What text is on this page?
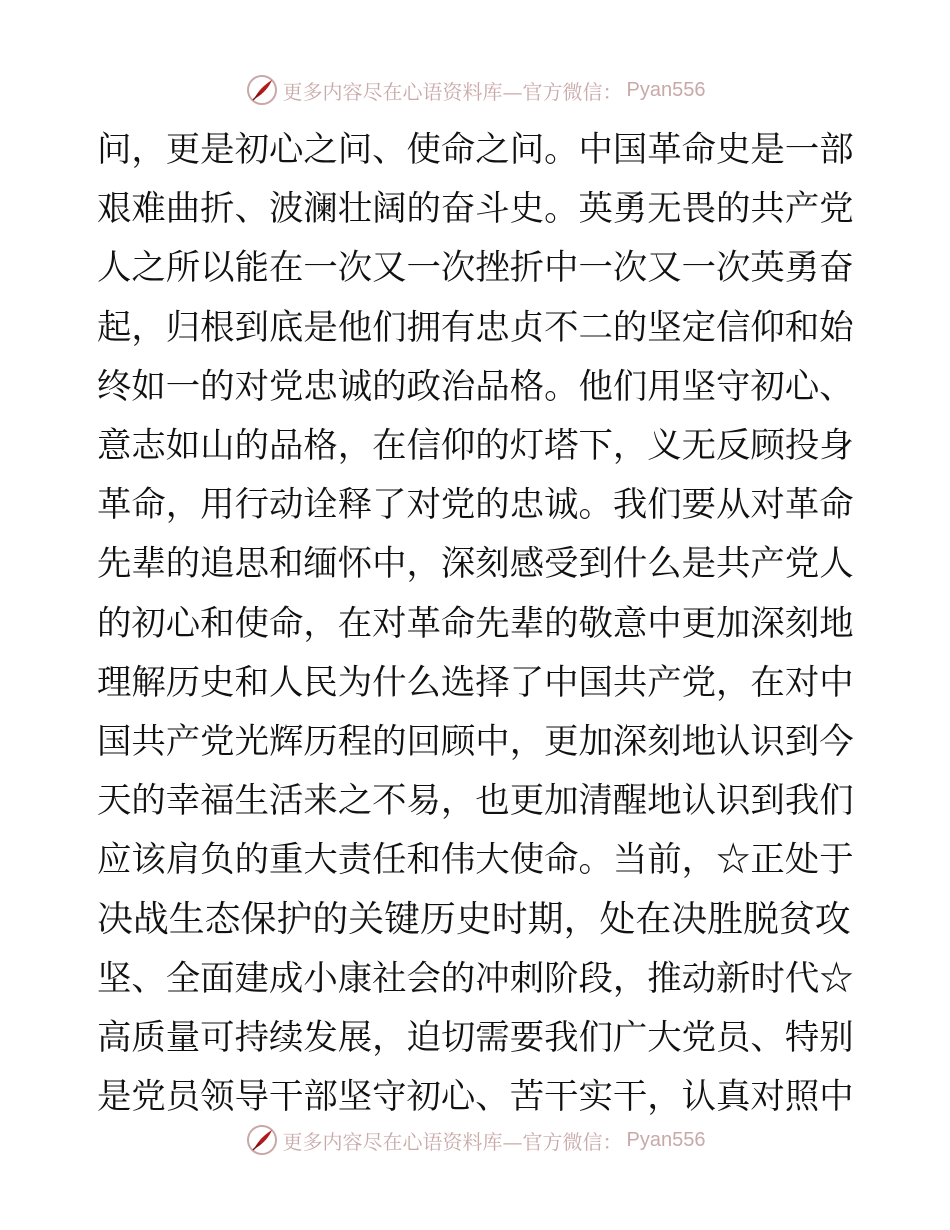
更多内容尽在心语资料库—官方微信： Pyan556
问，更是初心之问、使命之问。中国革命史是一部
艰难曲折、波澜壮阔的奋斗史。英勇无畏的共产党
人之所以能在一次又一次挫折中一次又一次英勇奋
起，归根到底是他们拥有忠贞不二的坚定信仰和始
终如一的对党忠诚的政治品格。他们用坚守初心、
意志如山的品格，在信仰的灯塔下，义无反顾投身
革命，用行动诠释了对党的忠诚。我们要从对革命
先辈的追思和缅怀中，深刻感受到什么是共产党人
的初心和使命，在对革命先辈的敬意中更加深刻地
理解历史和人民为什么选择了中国共产党，在对中
国共产党光辉历程的回顾中，更加深刻地认识到今
天的幸福生活来之不易，也更加清醒地认识到我们
应该肩负的重大责任和伟大使命。当前，☆正处于
决战生态保护的关键历史时期，处在决胜脱贫攻
坚、全面建成小康社会的冲刺阶段，推动新时代☆
高质量可持续发展，迫切需要我们广大党员、特别
是党员领导干部坚守初心、苦干实干，认真对照中
更多内容尽在心语资料库—官方微信： Pyan556
